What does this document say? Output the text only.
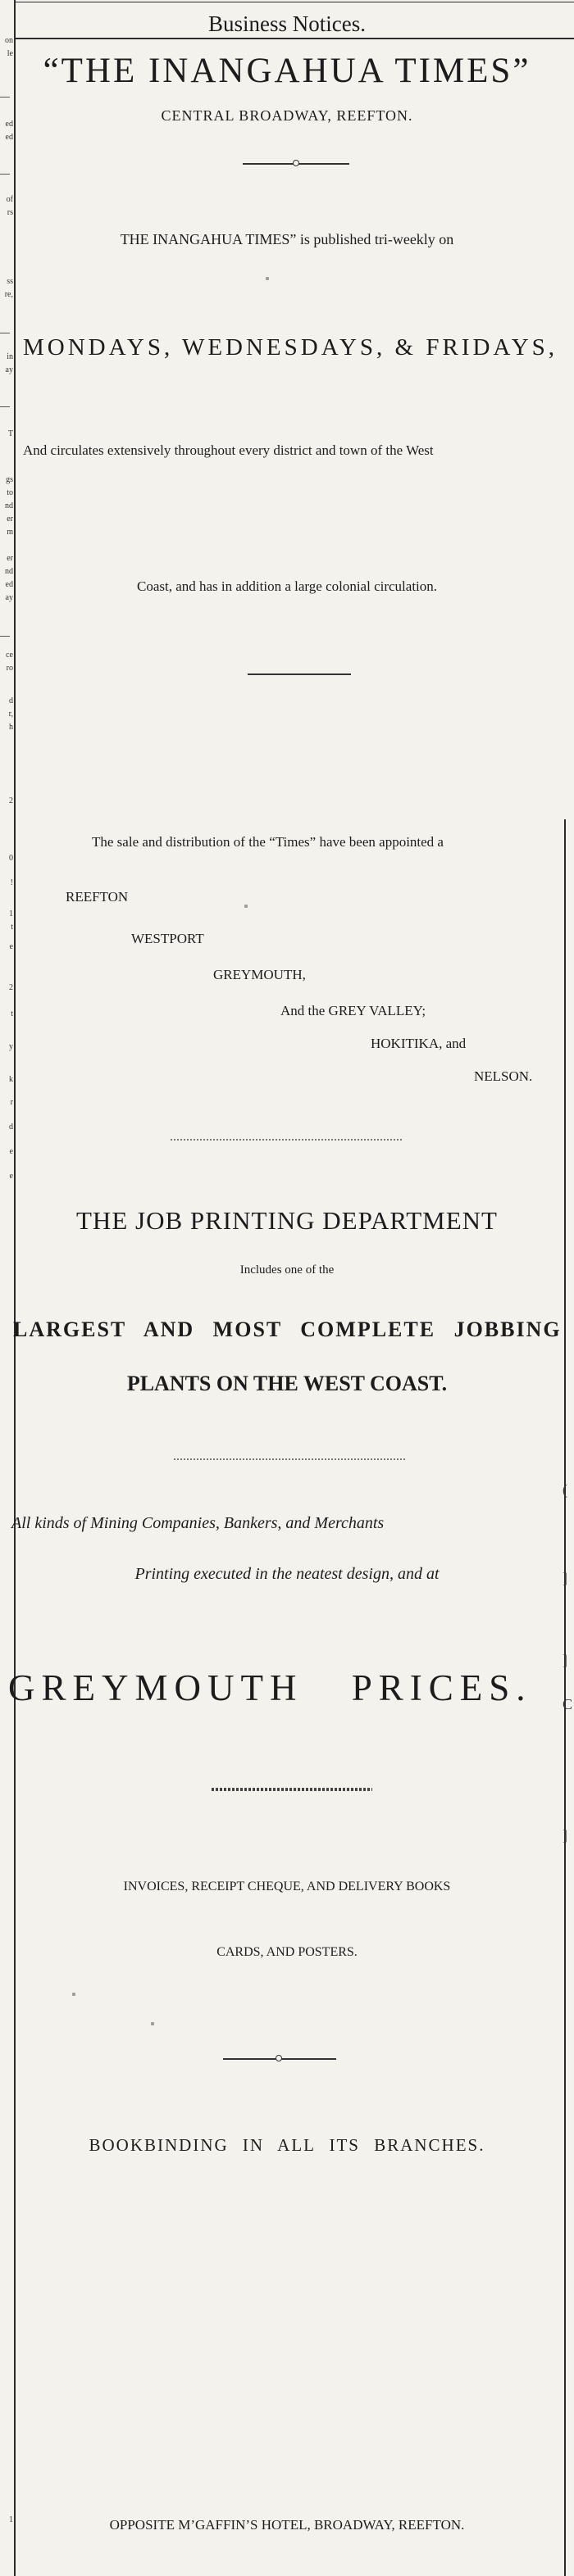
on
le
ed
ed
of
rs
ss
re,
in
ay
T
gs
to
nd
er
m
er
nd
ed
ay
ce
ro
d
r,
h
2
0
!
1
t
e
2
t
y
k
r
d
e
e
1
(
]
]
C
]
Business Notices.
“THE INANGAHUA TIMES”
CENTRAL BROADWAY, REEFTON.
THE INANGAHUA TIMES” is published tri-weekly on
MONDAYS, WEDNESDAYS, & FRIDAYS,
And circulates extensively throughout every district and town of the West
Coast, and has in addition a large colonial circulation.
The sale and distribution of the “Times” have been appointed a
REEFTON
WESTPORT
GREYMOUTH,
And the GREY VALLEY;
HOKITIKA, and
NELSON.
THE JOB PRINTING DEPARTMENT
Includes one of the
LARGEST AND MOST COMPLETE JOBBING
PLANTS ON THE WEST COAST.
All kinds of Mining Companies, Bankers, and Merchants
Printing executed in the neatest design, and at
GREYMOUTH PRICES.
INVOICES, RECEIPT CHEQUE, AND DELIVERY BOOKS
CARDS, AND POSTERS.
BOOKBINDING IN ALL ITS BRANCHES.
OPPOSITE M’GAFFIN’S HOTEL, BROADWAY, REEFTON.
